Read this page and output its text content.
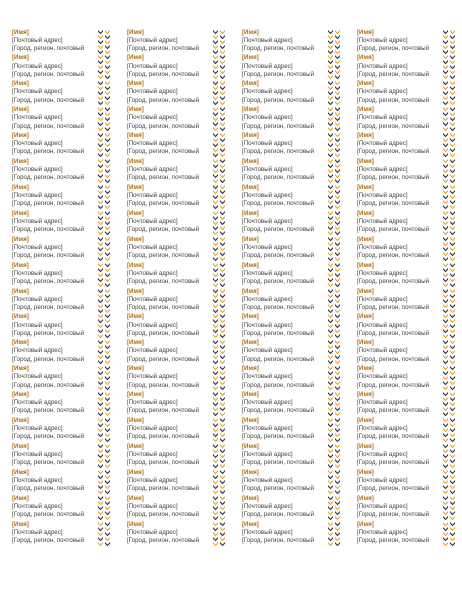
[Имя]
[Почтовый адрес]
[Город, регион, почтовый
[Имя]
[Почтовый адрес]
[Город, регион, почтовый
[Имя]
[Почтовый адрес]
[Город, регион, почтовый
[Имя]
[Почтовый адрес]
[Город, регион, почтовый
[Имя]
[Почтовый адрес]
[Город, регион, почтовый
[Имя]
[Почтовый адрес]
[Город, регион, почтовый
[Имя]
[Почтовый адрес]
[Город, регион, почтовый
[Имя]
[Почтовый адрес]
[Город, регион, почтовый
[Имя]
[Почтовый адрес]
[Город, регион, почтовый
[Имя]
[Почтовый адрес]
[Город, регион, почтовый
[Имя]
[Почтовый адрес]
[Город, регион, почтовый
[Имя]
[Почтовый адрес]
[Город, регион, почтовый
[Имя]
[Почтовый адрес]
[Город, регион, почтовый
[Имя]
[Почтовый адрес]
[Город, регион, почтовый
[Имя]
[Почтовый адрес]
[Город, регион, почтовый
[Имя]
[Почтовый адрес]
[Город, регион, почтовый
[Имя]
[Почтовый адрес]
[Город, регион, почтовый
[Имя]
[Почтовый адрес]
[Город, регион, почтовый
[Имя]
[Почтовый адрес]
[Город, регион, почтовый
[Имя]
[Почтовый адрес]
[Город, регион, почтовый
[Имя]
[Почтовый адрес]
[Город, регион, почтовый
[Имя]
[Почтовый адрес]
[Город, регион, почтовый
[Имя]
[Почтовый адрес]
[Город, регион, почтовый
[Имя]
[Почтовый адрес]
[Город, регион, почтовый
[Имя]
[Почтовый адрес]
[Город, регион, почтовый
[Имя]
[Почтовый адрес]
[Город, регион, почтовый
[Имя]
[Почтовый адрес]
[Город, регион, почтовый
[Имя]
[Почтовый адрес]
[Город, регион, почтовый
[Имя]
[Почтовый адрес]
[Город, регион, почтовый
[Имя]
[Почтовый адрес]
[Город, регион, почтовый
[Имя]
[Почтовый адрес]
[Город, регион, почтовый
[Имя]
[Почтовый адрес]
[Город, регион, почтовый
[Имя]
[Почтовый адрес]
[Город, регион, почтовый
[Имя]
[Почтовый адрес]
[Город, регион, почтовый
[Имя]
[Почтовый адрес]
[Город, регион, почтовый
[Имя]
[Почтовый адрес]
[Город, регион, почтовый
[Имя]
[Почтовый адрес]
[Город, регион, почтовый
[Имя]
[Почтовый адрес]
[Город, регион, почтовый
[Имя]
[Почтовый адрес]
[Город, регион, почтовый
[Имя]
[Почтовый адрес]
[Город, регион, почтовый
[Имя]
[Почтовый адрес]
[Город, регион, почтовый
[Имя]
[Почтовый адрес]
[Город, регион, почтовый
[Имя]
[Почтовый адрес]
[Город, регион, почтовый
[Имя]
[Почтовый адрес]
[Город, регион, почтовый
[Имя]
[Почтовый адрес]
[Город, регион, почтовый
[Имя]
[Почтовый адрес]
[Город, регион, почтовый
[Имя]
[Почтовый адрес]
[Город, регион, почтовый
[Имя]
[Почтовый адрес]
[Город, регион, почтовый
[Имя]
[Почтовый адрес]
[Город, регион, почтовый
[Имя]
[Почтовый адрес]
[Город, регион, почтовый
[Имя]
[Почтовый адрес]
[Город, регион, почтовый
[Имя]
[Почтовый адрес]
[Город, регион, почтовый
[Имя]
[Почтовый адрес]
[Город, регион, почтовый
[Имя]
[Почтовый адрес]
[Город, регион, почтовый
[Имя]
[Почтовый адрес]
[Город, регион, почтовый
[Имя]
[Почтовый адрес]
[Город, регион, почтовый
[Имя]
[Почтовый адрес]
[Город, регион, почтовый
[Имя]
[Почтовый адрес]
[Город, регион, почтовый
[Имя]
[Почтовый адрес]
[Город, регион, почтовый
[Имя]
[Почтовый адрес]
[Город, регион, почтовый
[Имя]
[Почтовый адрес]
[Город, регион, почтовый
[Имя]
[Почтовый адрес]
[Город, регион, почтовый
[Имя]
[Почтовый адрес]
[Город, регион, почтовый
[Имя]
[Почтовый адрес]
[Город, регион, почтовый
[Имя]
[Почтовый адрес]
[Город, регион, почтовый
[Имя]
[Почтовый адрес]
[Город, регион, почтовый
[Имя]
[Почтовый адрес]
[Город, регион, почтовый
[Имя]
[Почтовый адрес]
[Город, регион, почтовый
[Имя]
[Почтовый адрес]
[Город, регион, почтовый
[Имя]
[Почтовый адрес]
[Город, регион, почтовый
[Имя]
[Почтовый адрес]
[Город, регион, почтовый
[Имя]
[Почтовый адрес]
[Город, регион, почтовый
[Имя]
[Почтовый адрес]
[Город, регион, почтовый
[Имя]
[Почтовый адрес]
[Город, регион, почтовый
[Имя]
[Почтовый адрес]
[Город, регион, почтовый
[Имя]
[Почтовый адрес]
[Город, регион, почтовый
[Имя]
[Почтовый адрес]
[Город, регион, почтовый
[Имя]
[Почтовый адрес]
[Город, регион, почтовый
[Имя]
[Почтовый адрес]
[Город, регион, почтовый
[Имя]
[Почтовый адрес]
[Город, регион, почтовый
